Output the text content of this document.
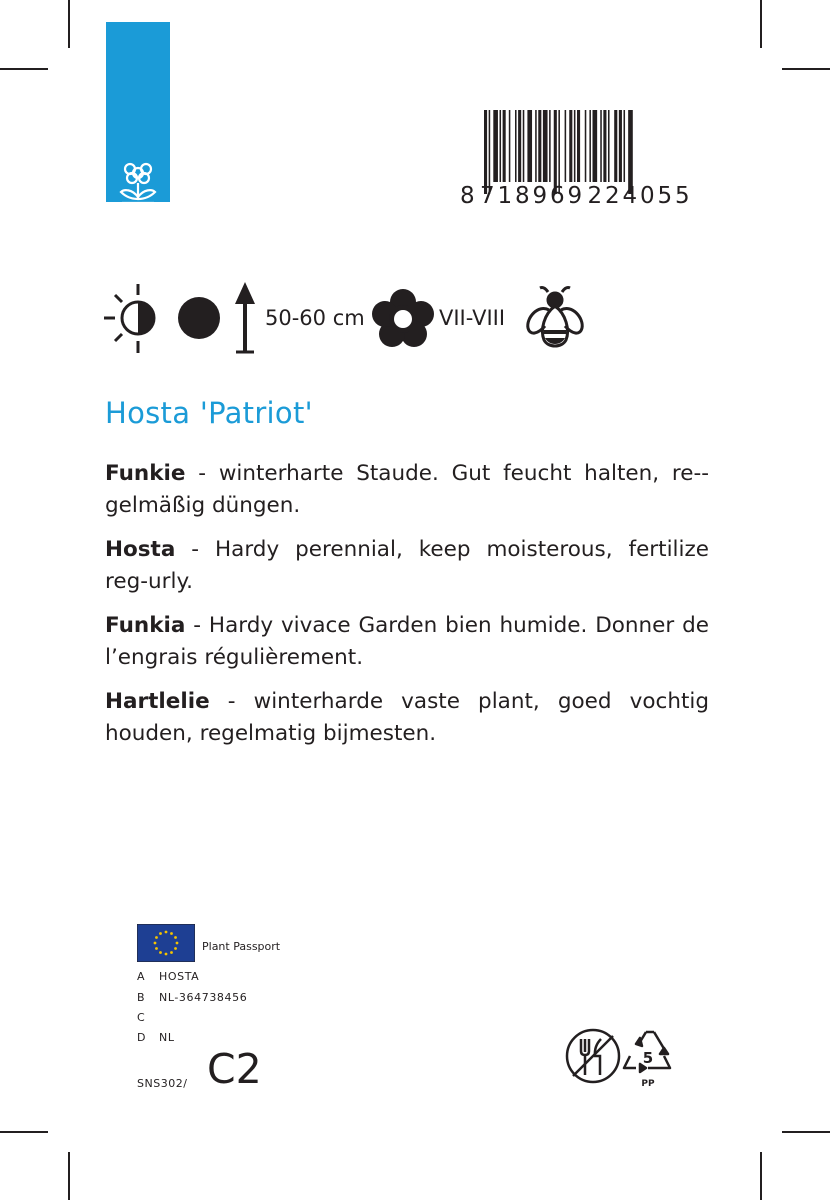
8718969224055
50-60 cm	VII-VIII
Hosta 'Patriot'

Funkie - winterharte Staude. Gut feucht halten, re-gelmäßig düngen.

Hosta - Hardy perennial, keep moisterous, fertilize reg-urly.

Funkia - Hardy vivace Garden bien humide. Donner de l’engrais régulièrement.

Hartlelie - winterharde vaste plant, goed vochtig houden, regelmatig bijmesten.

Plant Passport
A HOSTA
B NL-364738456
C
D NL
SNS302/ C2	5
PP
